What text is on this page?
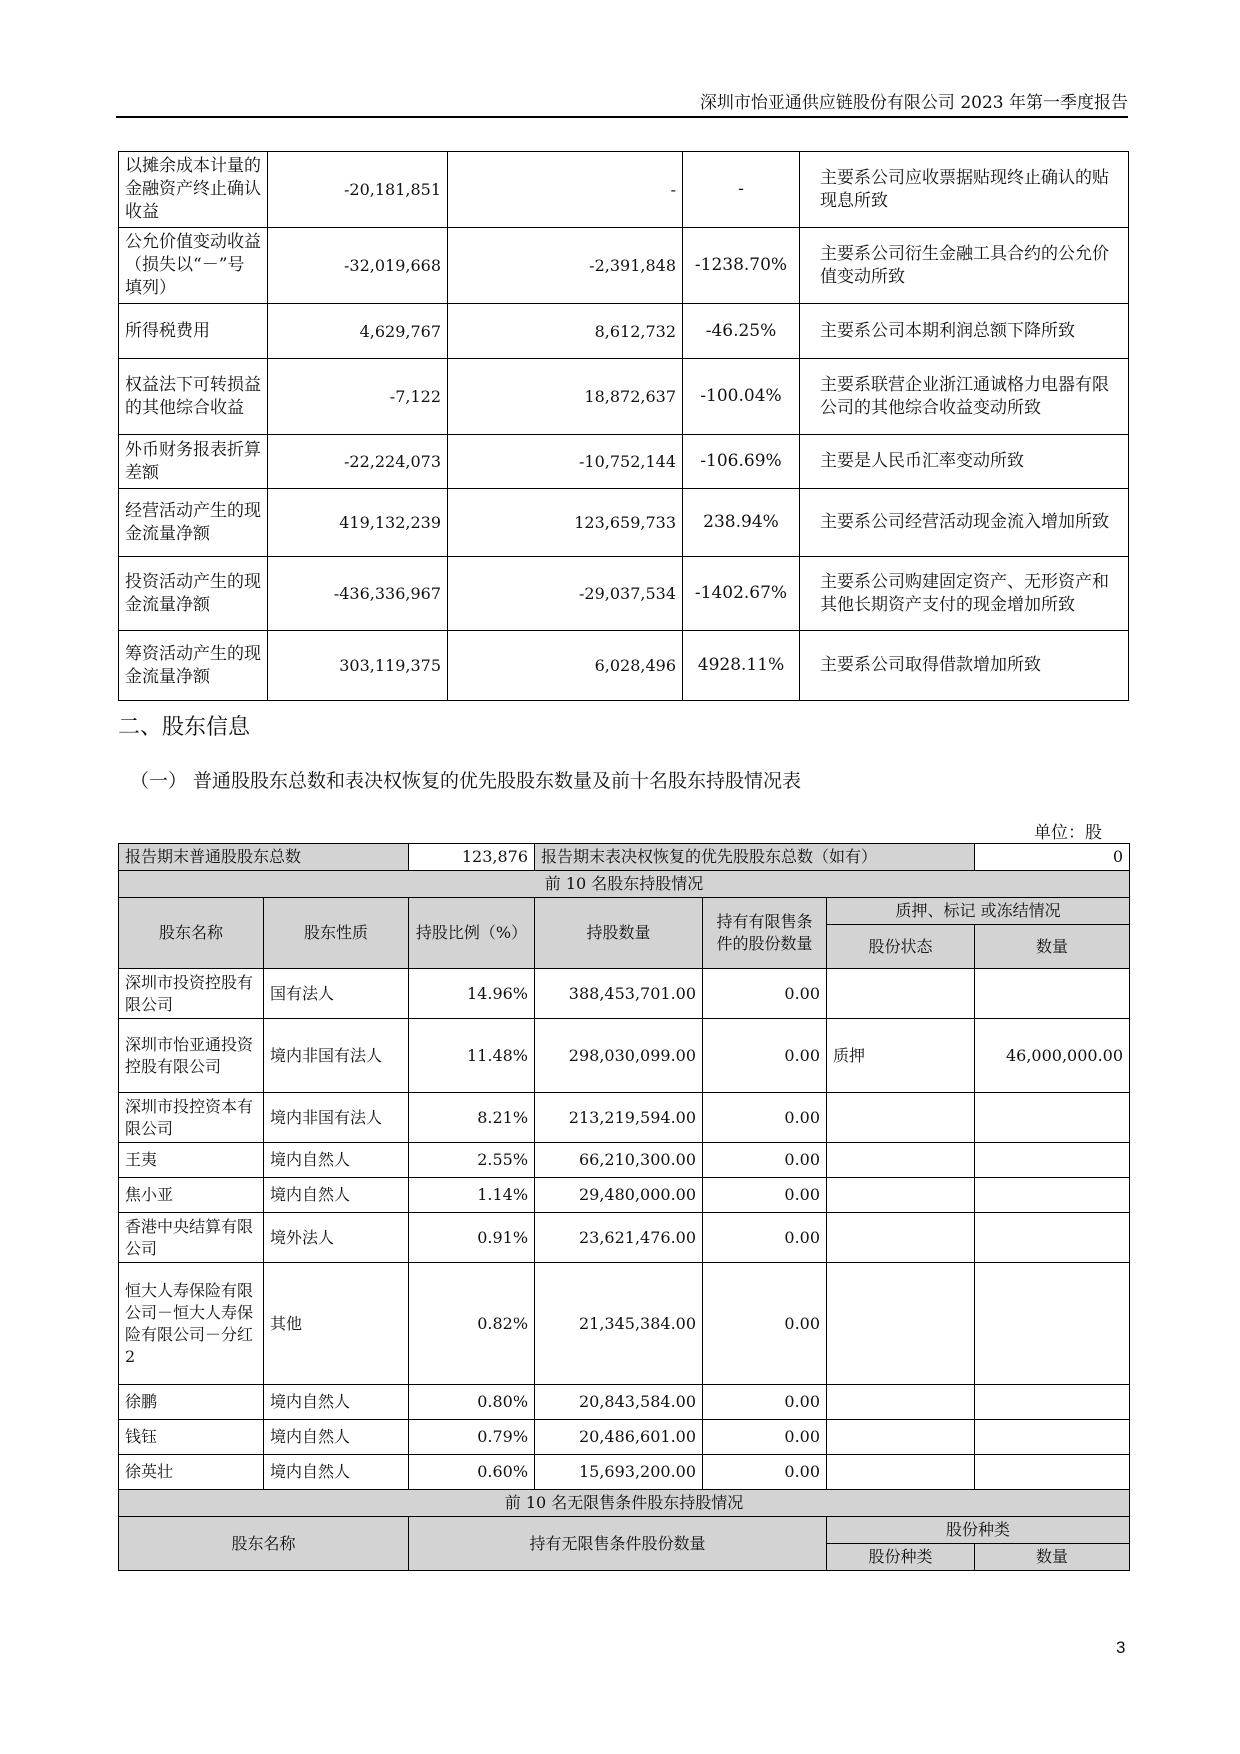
深圳市怡亚通供应链股份有限公司 2023 年第一季度报告
以摊余成本计量的金融资产终止确认收益	-20,181,851	-	-	主要系公司应收票据贴现终止确认的贴现息所致
公允价值变动收益（损失以“－”号填列）	-32,019,668	-2,391,848	-1238.70%	主要系公司衍生金融工具合约的公允价值变动所致
所得税费用	4,629,767	8,612,732	-46.25%	主要系公司本期利润总额下降所致
权益法下可转损益的其他综合收益	-7,122	18,872,637	-100.04%	主要系联营企业浙江通诚格力电器有限公司的其他综合收益变动所致
外币财务报表折算差额	-22,224,073	-10,752,144	-106.69%	主要是人民币汇率变动所致
经营活动产生的现金流量净额	419,132,239	123,659,733	238.94%	主要系公司经营活动现金流入增加所致
投资活动产生的现金流量净额	-436,336,967	-29,037,534	-1402.67%	主要系公司购建固定资产、无形资产和其他长期资产支付的现金增加所致
筹资活动产生的现金流量净额	303,119,375	6,028,496	4928.11%	主要系公司取得借款增加所致
二、股东信息
（一） 普通股股东总数和表决权恢复的优先股股东数量及前十名股东持股情况表
单位：股
报告期末普通股股东总数		123,876	报告期末表决权恢复的优先股股东总数（如有）			0
前 10 名股东持股情况						
股东名称	股东性质	持股比例（%）	持股数量	持有有限售条件的股份数量	质押、标记 或冻结情况	
					股份状态	数量
深圳市投资控股有限公司	国有法人	14.96%	388,453,701.00	0.00		
深圳市怡亚通投资控股有限公司	境内非国有法人	11.48%	298,030,099.00	0.00	质押	46,000,000.00
深圳市投控资本有限公司	境内非国有法人	8.21%	213,219,594.00	0.00		
王夷	境内自然人	2.55%	66,210,300.00	0.00		
焦小亚	境内自然人	1.14%	29,480,000.00	0.00		
香港中央结算有限公司	境外法人	0.91%	23,621,476.00	0.00		
恒大人寿保险有限公司－恒大人寿保险有限公司－分红2	其他	0.82%	21,345,384.00	0.00		
徐鹏	境内自然人	0.80%	20,843,584.00	0.00		
钱钰	境内自然人	0.79%	20,486,601.00	0.00		
徐英壮	境内自然人	0.60%	15,693,200.00	0.00		
前 10 名无限售条件股东持股情况						
股东名称		持有无限售条件股份数量			股份种类	
					股份种类	数量
3
